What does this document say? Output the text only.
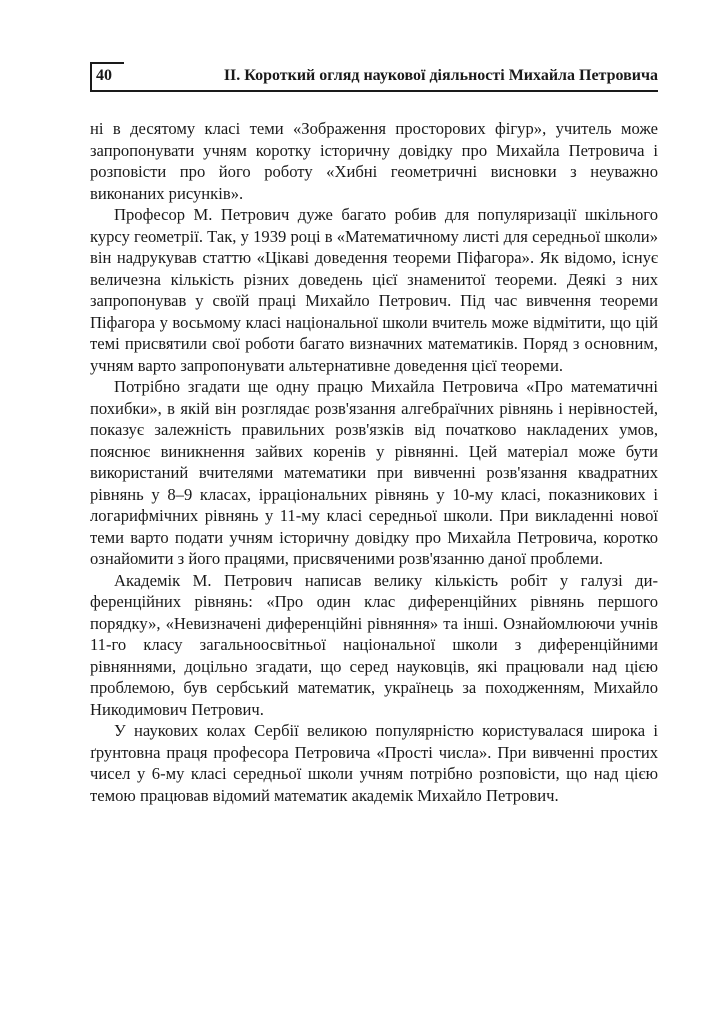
40	ІІ. Короткий огляд наукової діяльності Михайла Петровича

ні в десятому класі теми «Зображення просторових фігур», учитель може запропонувати учням коротку історичну довідку про Михайла Петровича і розповісти про його роботу «Хибні геометричні висновки з неуважно виконаних рисунків».

Професор М. Петрович дуже багато робив для популяризації шкільного курсу геометрії. Так, у 1939 році в «Математичному листі для середньої школи» він надрукував статтю «Цікаві доведення теореми Піфагора». Як відомо, існує величезна кількість різних доведень цієї знаменитої теореми. Деякі з них запропонував у своїй праці Михайло Петрович. Під час вивчення теореми Піфагора у восьмому класі національної школи вчитель може відмітити, що цій темі присвятили свої роботи багато визначних математиків. Поряд з основним, учням варто запропонувати альтернативне доведення цієї теореми.

Потрібно згадати ще одну працю Михайла Петровича «Про математичні похибки», в якій він розглядає розв'язання алгебраїчних рівнянь і нерівностей, показує залежність правильних розв'язків від початково накладених умов, пояснює виникнення зайвих коренів у рівнянні. Цей матеріал може бути використаний вчителями математики при вивченні розв'язання квадратних рівнянь у 8–9 класах, ірраціональних рівнянь у 10-му класі, показникових і логарифмічних рівнянь у 11-му класі середньої школи. При викладенні нової теми варто подати учням історичну довідку про Михайла Петровича, коротко ознайомити з його працями, присвяченими розв'язанню даної проблеми.

Академік М. Петрович написав велику кількість робіт у галузі диференційних рівнянь: «Про один клас диференційних рівнянь першого порядку», «Невизначені диференційні рівняння» та інші. Ознайомлюючи учнів 11-го класу загальноосвітньої національної школи з диференційними рівняннями, доцільно згадати, що серед науковців, які працювали над цією проблемою, був сербський математик, українець за походженням, Михайло Никодимович Петрович.

У наукових колах Сербії великою популярністю користувалася широка і ґрунтовна праця професора Петровича «Прості числа». При вивченні простих чисел у 6-му класі середньої школи учням потрібно розповісти, що над цією темою працював відомий математик академік Михайло Петрович.
